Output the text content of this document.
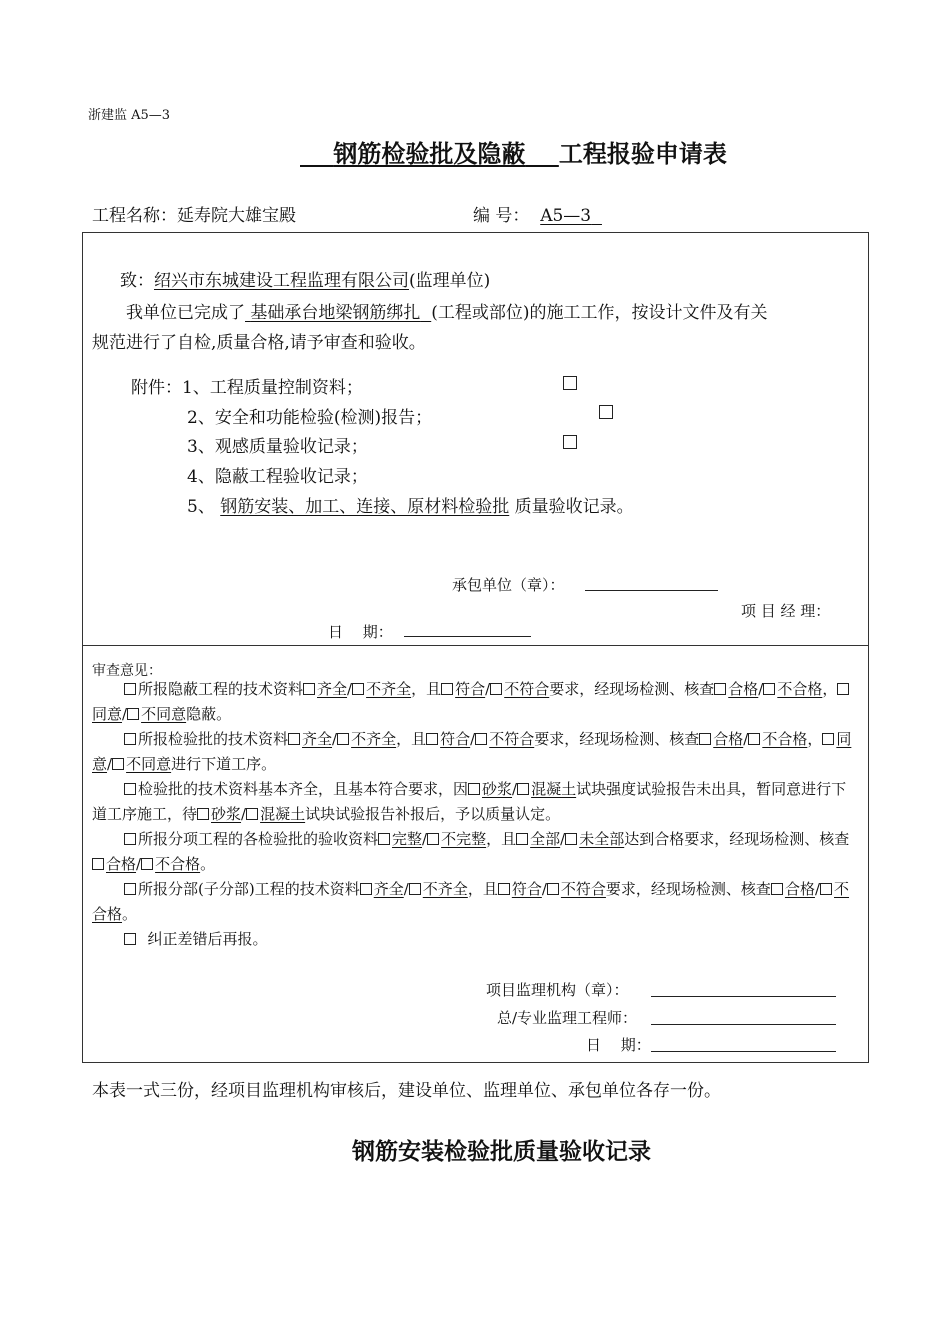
浙建监 A5—3
钢筋检验批及隐蔽 工程报验申请表
工程名称：延寿院大雄宝殿	编 号： A5—3
致：绍兴市东城建设工程监理有限公司(监理单位)
我单位已完成了 基础承台地梁钢筋绑扎 (工程或部位)的施工工作，按设计文件及有关
规范进行了自检,质量合格,请予审查和验收。
附件：1、工程质量控制资料；
2、安全和功能检验(检测)报告；
3、观感质量验收记录；
4、隐蔽工程验收记录；
5、 钢筋安装、加工、连接、原材料检验批 质量验收记录。
承包单位（章）：
项 目 经 理：
日　 期：
审查意见：
所报隐蔽工程的技术资料 齐全/ 不齐全，且 符合/ 不符合要求，经现场检测、核查 合格/ 不合格，同意/ 不同意隐蔽。
所报检验批的技术资料 齐全/ 不齐全，且 符合/ 不符合要求，经现场检测、核查 合格/ 不合格， 同意/ 不同意进行下道工序。
检验批的技术资料基本齐全，且基本符合要求，因 砂浆/ 混凝土试块强度试验报告未出具，暂同意进行下道工序施工，待 砂浆/ 混凝土试块试验报告补报后，予以质量认定。
所报分项工程的各检验批的验收资料 完整/ 不完整，且 全部/ 未全部达到合格要求，经现场检测、核查合格/ 不合格。
所报分部(子分部)工程的技术资料 齐全/ 不齐全，且 符合/ 不符合要求，经现场检测、核查 合格/ 不合格。
纠正差错后再报。
项目监理机构（章）：
总/专业监理工程师：
日　 期：
本表一式三份，经项目监理机构审核后，建设单位、监理单位、承包单位各存一份。
钢筋安装检验批质量验收记录
